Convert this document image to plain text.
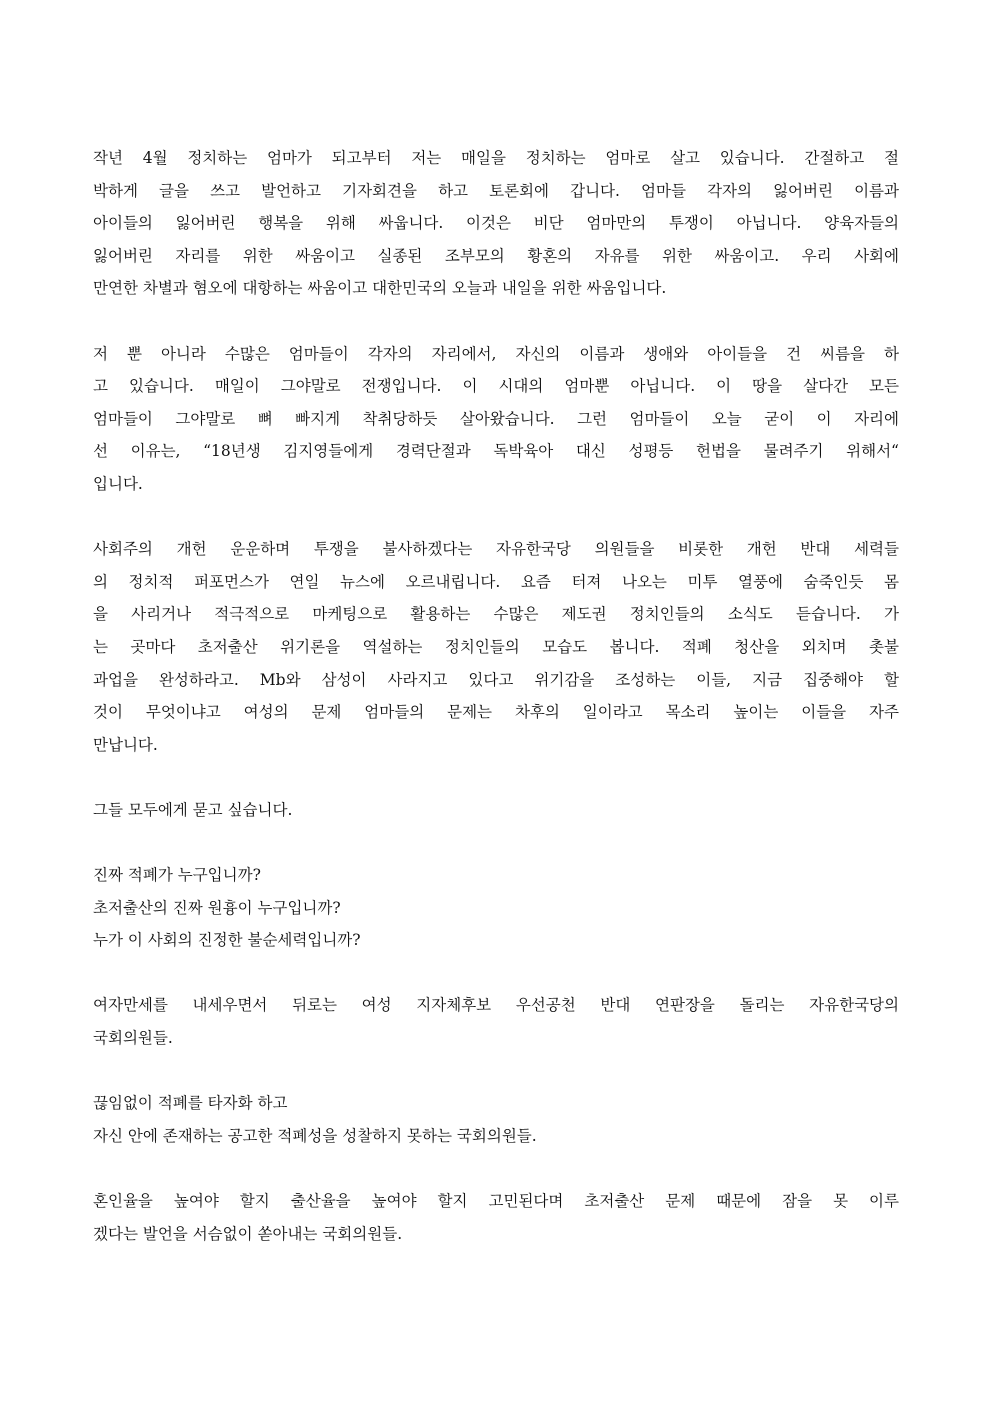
작년 4월 정치하는 엄마가 되고부터 저는 매일을 정치하는 엄마로 살고 있습니다. 간절하고 절
박하게 글을 쓰고 발언하고 기자회견을 하고 토론회에 갑니다. 엄마들 각자의 잃어버린 이름과
아이들의 잃어버린 행복을 위해 싸웁니다. 이것은 비단 엄마만의 투쟁이 아닙니다. 양육자들의
잃어버린 자리를 위한 싸움이고 실종된 조부모의 황혼의 자유를 위한 싸움이고. 우리 사회에
만연한 차별과 혐오에 대항하는 싸움이고 대한민국의 오늘과 내일을 위한 싸움입니다.
저 뿐 아니라 수많은 엄마들이 각자의 자리에서, 자신의 이름과 생애와 아이들을 건 씨름을 하
고 있습니다. 매일이 그야말로 전쟁입니다. 이 시대의 엄마뿐 아닙니다. 이 땅을 살다간 모든
엄마들이 그야말로 뼈 빠지게 착취당하듯 살아왔습니다. 그런 엄마들이 오늘 굳이 이 자리에
선 이유는, “18년생 김지영들에게 경력단절과 독박육아 대신 성평등 헌법을 물려주기 위해서“
입니다.
사회주의 개헌 운운하며 투쟁을 불사하겠다는 자유한국당 의원들을 비롯한 개헌 반대 세력들
의 정치적 퍼포먼스가 연일 뉴스에 오르내립니다. 요즘 터져 나오는 미투 열풍에 숨죽인듯 몸
을 사리거나 적극적으로 마케팅으로 활용하는 수많은 제도권 정치인들의 소식도 듣습니다. 가
는 곳마다 초저출산 위기론을 역설하는 정치인들의 모습도 봅니다. 적폐 청산을 외치며 촛불
과업을 완성하라고. Mb와 삼성이 사라지고 있다고 위기감을 조성하는 이들, 지금 집중해야 할
것이 무엇이냐고 여성의 문제 엄마들의 문제는 차후의 일이라고 목소리 높이는 이들을 자주
만납니다.
그들 모두에게 묻고 싶습니다.
진짜 적폐가 누구입니까?
초저출산의 진짜 원흉이 누구입니까?
누가 이 사회의 진정한 불순세력입니까?
여자만세를 내세우면서 뒤로는 여성 지자체후보 우선공천 반대 연판장을 돌리는 자유한국당의
국회의원들.
끊임없이 적폐를 타자화 하고
자신 안에 존재하는 공고한 적폐성을 성찰하지 못하는 국회의원들.
혼인율을 높여야 할지 출산율을 높여야 할지 고민된다며 초저출산 문제 때문에 잠을 못 이루
겠다는 발언을 서슴없이 쏟아내는 국회의원들.
